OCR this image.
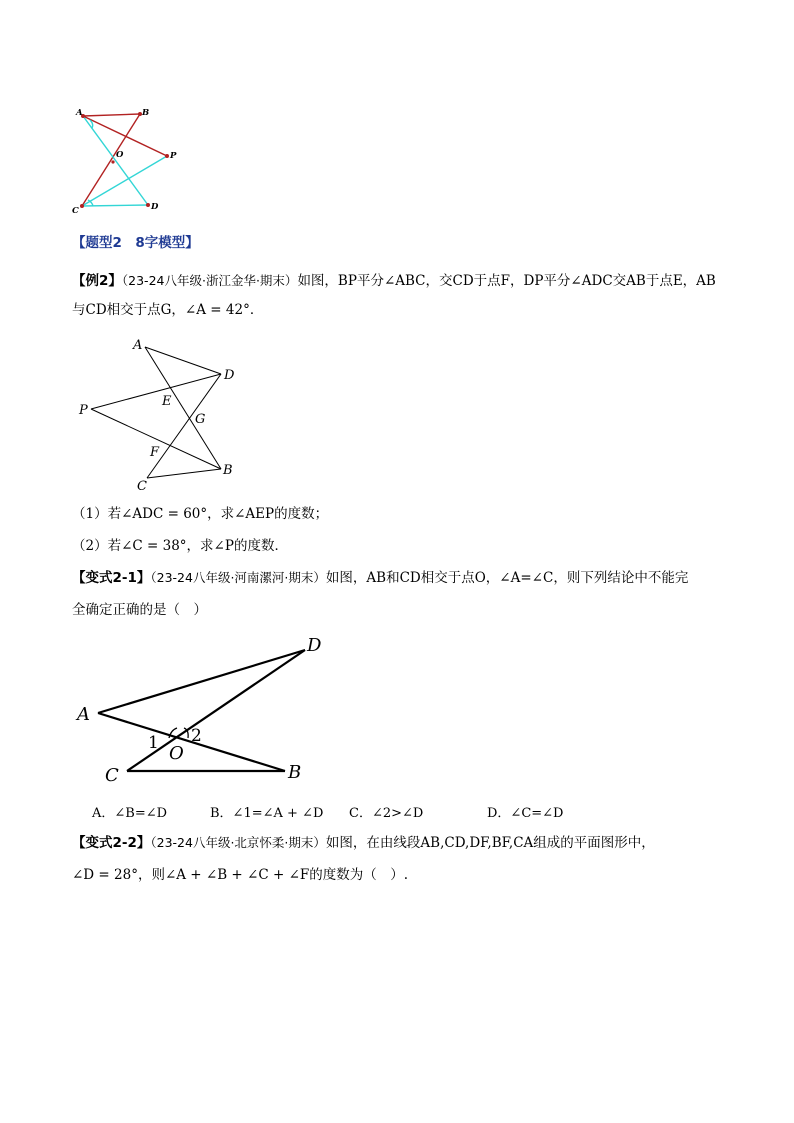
A	B
O	P
C	D
【题型2　8字模型】
【例2】（23-24八年级·浙江金华·期末）如图，BP平分∠ABC，交CD于点F，DP平分∠ADC交AB于点E，AB
与CD相交于点G，∠A = 42°．
A
D
P
E
G
F
B
C
（1）若∠ADC = 60°，求∠AEP的度数；
（2）若∠C = 38°，求∠P的度数．
【变式2-1】（23-24八年级·河南漯河·期末）如图，AB和CD相交于点O，∠A=∠C，则下列结论中不能完
全确定正确的是（　）
A
D
C	B
O
1 2
A．∠B=∠D	B．∠1=∠A + ∠D C．∠2>∠D	D．∠C=∠D
【变式2-2】（23-24八年级·北京怀柔·期末）如图，在由线段AB,CD,DF,BF,CA组成的平面图形中，
∠D = 28°，则∠A + ∠B + ∠C + ∠F的度数为（　）.
